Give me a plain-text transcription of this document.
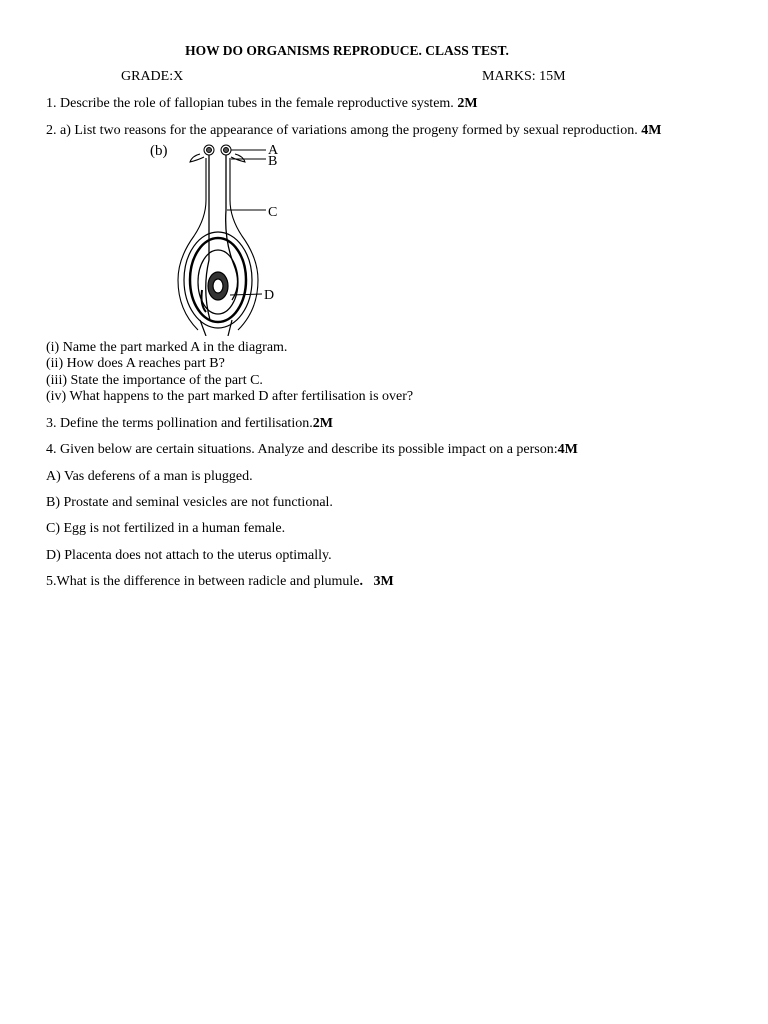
HOW DO ORGANISMS REPRODUCE. CLASS TEST.
GRADE:X	MARKS: 15M
1. Describe the role of fallopian tubes in the female reproductive system. 2M
2. a) List two reasons for the appearance of variations among the progeny formed by sexual reproduction. 4M
(b)	A
B
C
D
(i) Name the part marked A in the diagram.
(ii) How does A reaches part B?
(iii) State the importance of the part C.
(iv) What happens to the part marked D after fertilisation is over?
3. Define the terms pollination and fertilisation.2M
4. Given below are certain situations. Analyze and describe its possible impact on a person:4M
A) Vas deferens of a man is plugged.
B) Prostate and seminal vesicles are not functional.
C) Egg is not fertilized in a human female.
D) Placenta does not attach to the uterus optimally.
5.What is the difference in between radicle and plumule. 3M
